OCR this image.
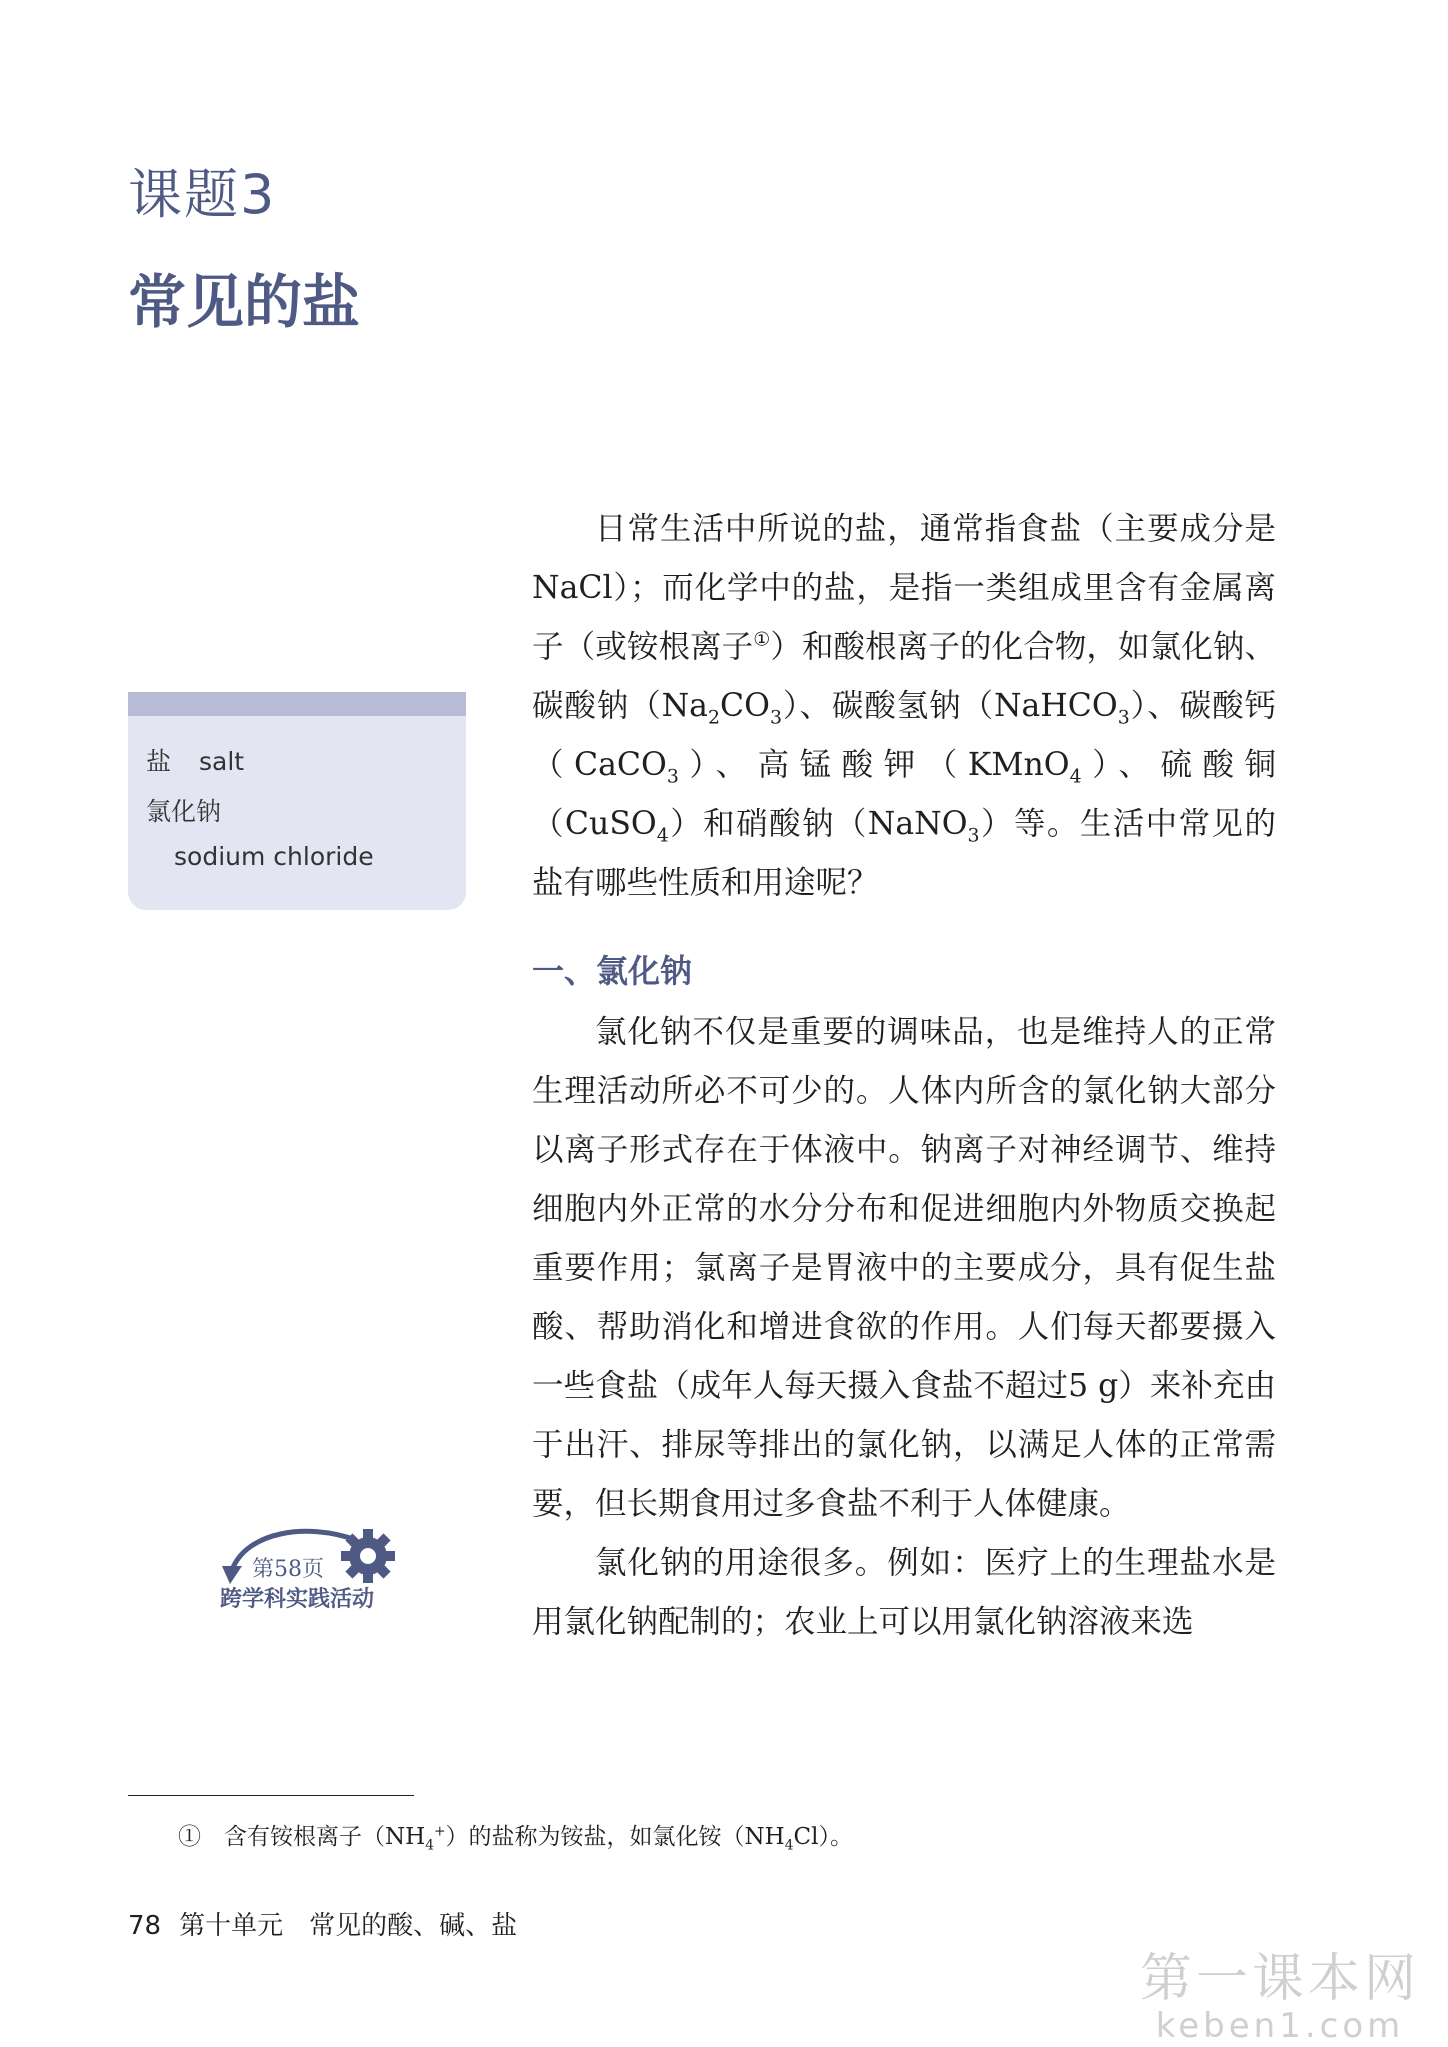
课题3
常见的盐
盐 salt
氯化钠
sodium chloride

日常生活中所说的盐，通常指食盐（主要成分是NaCl）；而化学中的盐，是指一类组成里含有金属离子（或铵根离子①）和酸根离子的化合物，如氯化钠、碳酸钠$(Na_2CO_3)$、碳酸氢钠（NaHCO$_3$）、碳酸钙（CaCO$_3$）、高锰酸钾（KMnO$_4$）、硫酸铜（CuSO$_4$）和硝酸钠（NaNO$_3$）等。生活中常见的盐有哪些性质和用途呢？

一、氯化钠

氯化钠不仅是重要的调味品，也是维持人的正常生理活动所必不可少的。人体内所含的氯化钠大部分以离子形式存在于体液中。钠离子对神经调节、维持细胞内外正常的水分分布和促进细胞内外物质交换起重要作用；氯离子是胃液中的主要成分，具有促生盐酸、帮助消化和增进食欲的作用。人们每天都要摄入一些食盐（成年人每天摄入食盐不超过5 g）来补充由于出汗、排尿等排出的氯化钠，以满足人体的正常需要，但长期食用过多食盐不利于人体健康。

氯化钠的用途很多。例如：医疗上的生理盐水是用氯化钠配制的；农业上可以用氯化钠溶液来选

第58页
跨学科实践活动
①　 含有铵根离子$(NH_4^+)$的盐称为铵盐，如氯化铵$(NH_4Cl)$。
78 第十单元　常见的酸、碱、盐
第一课本网
keben1.com
